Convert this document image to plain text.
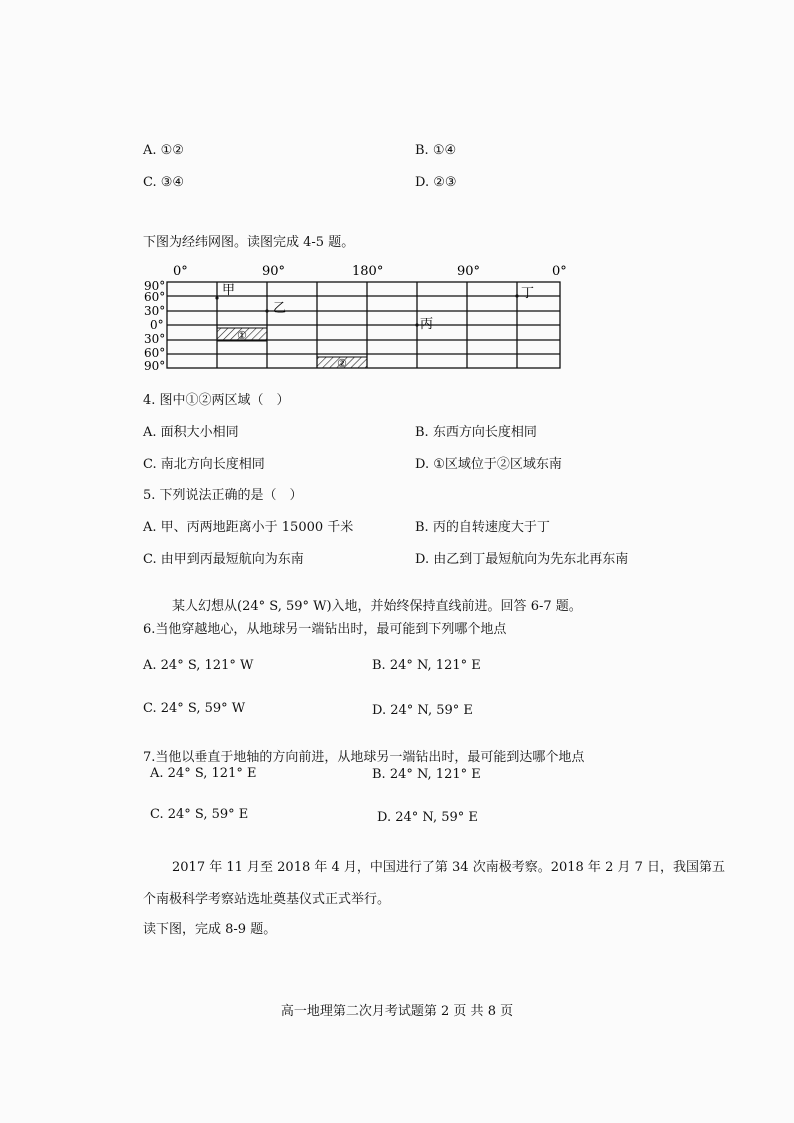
A. ①②	B. ①④
C. ③④	D. ②③
下图为经纬网图。读图完成 4-5 题。
0°	90°	180°	90°	0°
90°
60°
30°
0°
30°
60°
90°
甲
乙
丙
丁
①
②
4. 图中①②两区域（　）
A. 面积大小相同	B. 东西方向长度相同
C. 南北方向长度相同	D. ①区域位于②区域东南
5. 下列说法正确的是（　）
A. 甲、丙两地距离小于 15000 千米	B. 丙的自转速度大于丁
C. 由甲到丙最短航向为东南	D. 由乙到丁最短航向为先东北再东南
某人幻想从(24° S, 59° W)入地，并始终保持直线前进。回答 6-7 题。
6.当他穿越地心，从地球另一端钻出时，最可能到下列哪个地点
A. 24° S, 121° W	B. 24° N, 121° E
C. 24° S, 59° W	D. 24° N, 59° E
7.当他以垂直于地轴的方向前进，从地球另一端钻出时，最可能到达哪个地点
A. 24° S, 121° E	B. 24° N, 121° E
C. 24° S, 59° E	D. 24° N, 59° E
2017 年 11 月至 2018 年 4 月，中国进行了第 34 次南极考察。2018 年 2 月 7 日，我国第五
个南极科学考察站选址奠基仪式正式举行。
读下图，完成 8-9 题。
高一地理第二次月考试题第 2 页 共 8 页
